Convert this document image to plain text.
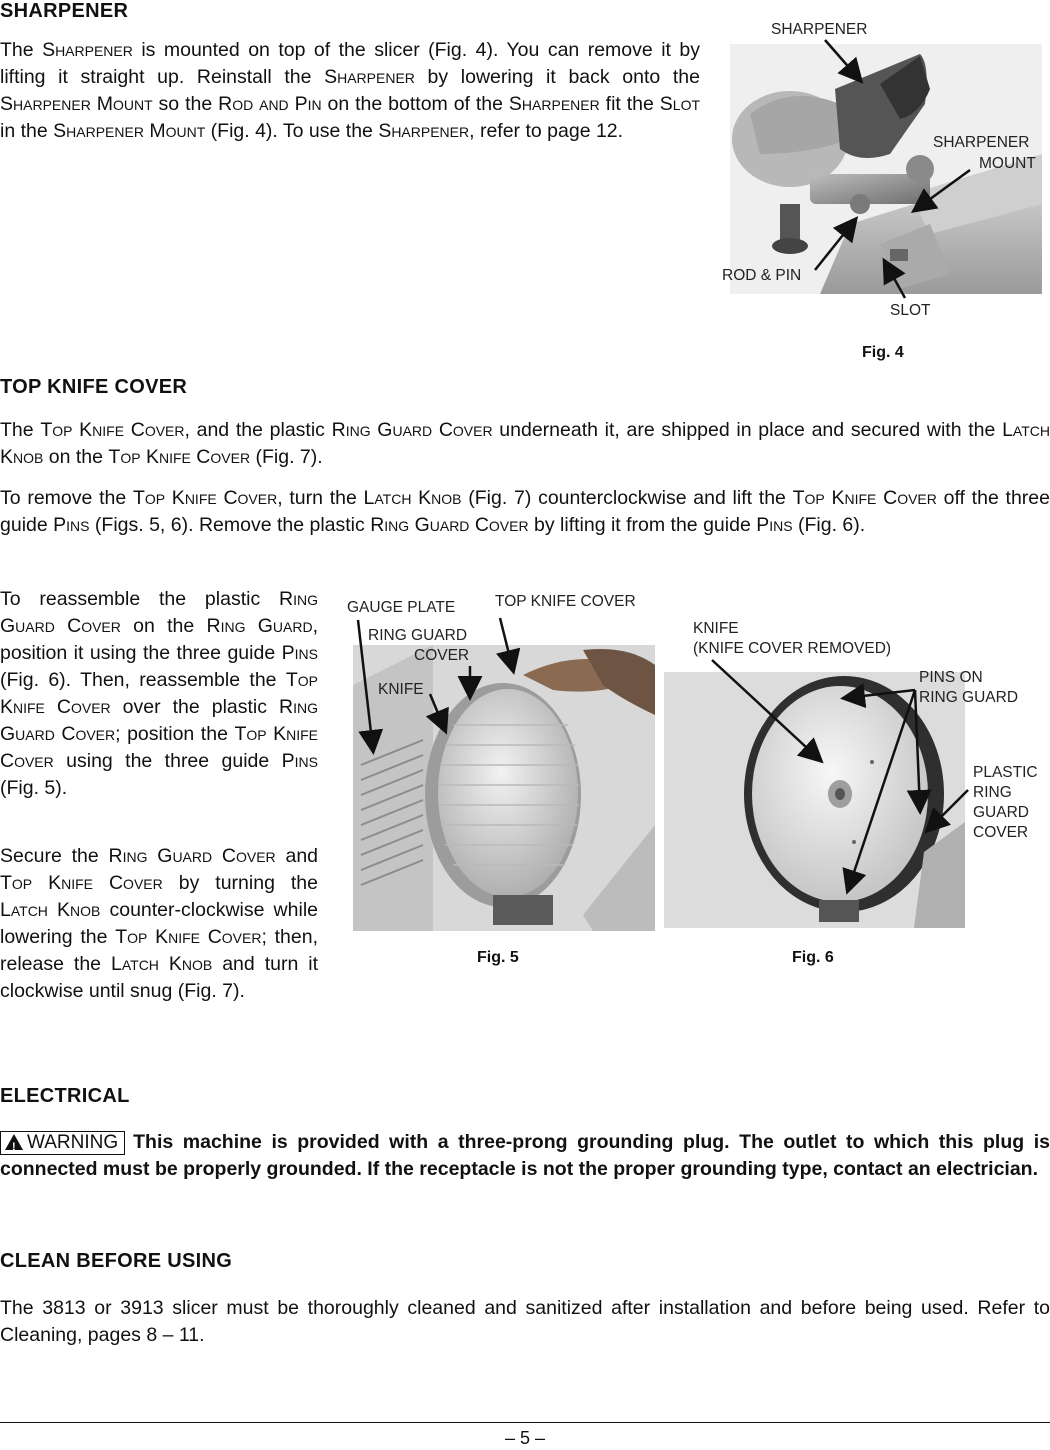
SHARPENER
The Sharpener is mounted on top of the slicer (Fig. 4). You can remove it by lifting it straight up. Reinstall the Sharpener by lowering it back onto the Sharpener Mount so the Rod and Pin on the bottom of the Sharpener fit the Slot in the Sharpener Mount (Fig. 4). To use the Sharpener, refer to page 12.
SHARPENER
SHARPENER
MOUNT
ROD & PIN
SLOT
Fig. 4
TOP KNIFE COVER
The Top Knife Cover, and the plastic Ring Guard Cover underneath it, are shipped in place and secured with the Latch Knob on the Top Knife Cover (Fig. 7).
To remove the Top Knife Cover, turn the Latch Knob (Fig. 7) counterclockwise and lift the Top Knife Cover off the three guide Pins (Figs. 5, 6). Remove the plastic Ring Guard Cover by lifting it from the guide Pins (Fig. 6).
To reassemble the plastic Ring Guard Cover on the Ring Guard, position it using the three guide Pins (Fig. 6). Then, reassemble the Top Knife Cover over the plastic Ring Guard Cover; position the Top Knife Cover using the three guide Pins (Fig. 5).
Secure the Ring Guard Cover and Top Knife Cover by turning the Latch Knob counter-clockwise while lowering the Top Knife Cover; then, release the Latch Knob and turn it clockwise until snug (Fig. 7).
GAUGE PLATE	TOP KNIFE COVER
RING GUARD
COVER
KNIFE
KNIFE
(KNIFE COVER REMOVED)
PINS ON
RING GUARD
PLASTIC
RING
GUARD
COVER
Fig. 5	Fig. 6
ELECTRICAL
!WARNING This machine is provided with a three-prong grounding plug. The outlet to which this plug is connected must be properly grounded. If the receptacle is not the proper grounding type, contact an electrician.
CLEAN BEFORE USING
The 3813 or 3913 slicer must be thoroughly cleaned and sanitized after installation and before being used. Refer to Cleaning, pages 8 – 11.
– 5 –
